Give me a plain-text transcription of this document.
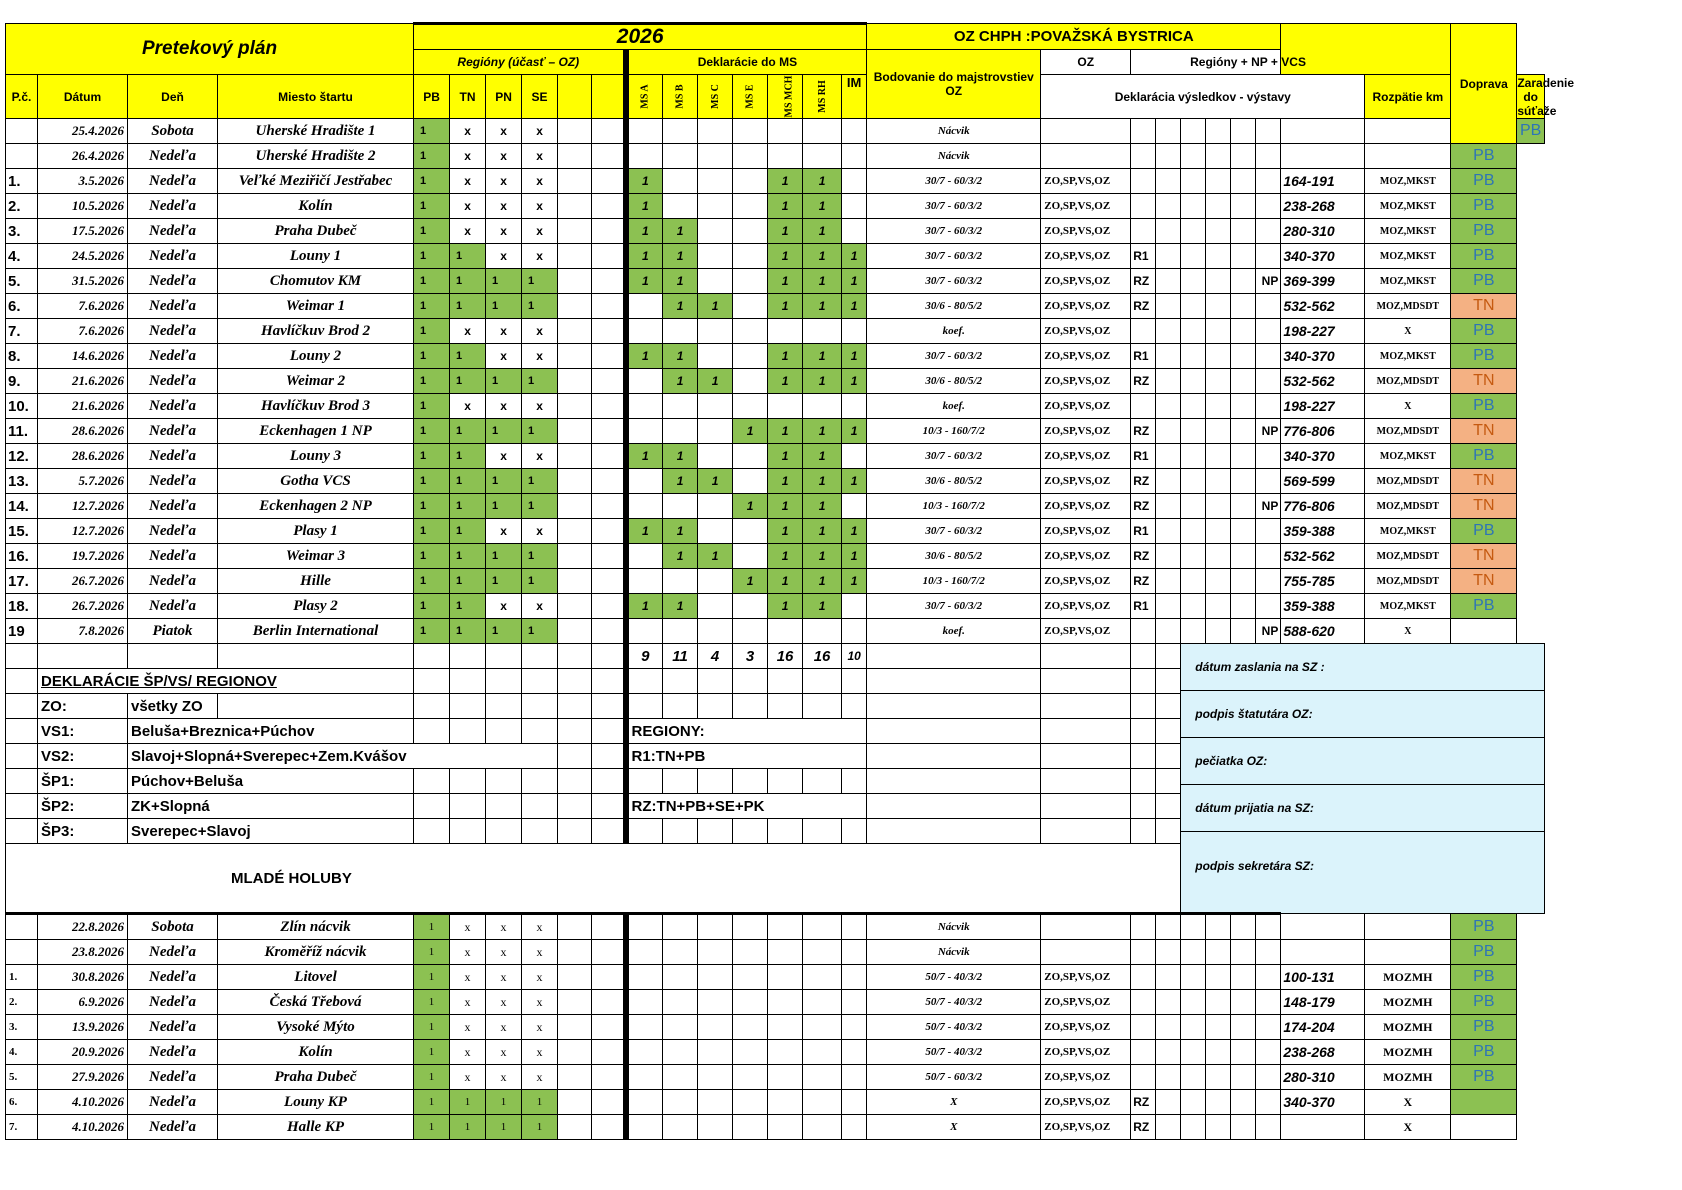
Pretekový plán				2026													OZ CHPH :POVAŽSKÁ BYSTRICA										Doprava	
				Regióny (účasť – OZ)						Deklarácie do MS							Bodovanie do majstrovstiev OZ	OZ	Regióny + NP + VCS									
P.č.	Dátum	Deň	Miesto štartu	PB	TN	PN	SE			MS A	MS B	MS C	MS E	MS MCH	MS RH	IM		Deklarácia výsledkov - výstavy								Rozpätie km		Zaradenie do súťaže
	25.4.2026	Sobota	Uherské Hradište 1	1	x	x	x										Nácvik											PB
	26.4.2026	Nedeľa	Uherské Hradište 2	1	x	x	x										Nácvik										PB	
1.	3.5.2026	Nedeľa	Veľké Meziřičí Jestřabec	1	x	x	x			1				1	1		30/7 - 60/3/2	ZO,SP,VS,OZ							164-191	MOZ,MKST	PB	
2.	10.5.2026	Nedeľa	Kolín	1	x	x	x			1				1	1		30/7 - 60/3/2	ZO,SP,VS,OZ							238-268	MOZ,MKST	PB	
3.	17.5.2026	Nedeľa	Praha Dubeč	1	x	x	x			1	1			1	1		30/7 - 60/3/2	ZO,SP,VS,OZ							280-310	MOZ,MKST	PB	
4.	24.5.2026	Nedeľa	Louny 1	1	1	x	x			1	1			1	1	1	30/7 - 60/3/2	ZO,SP,VS,OZ	R1						340-370	MOZ,MKST	PB	
5.	31.5.2026	Nedeľa	Chomutov KM	1	1	1	1			1	1			1	1	1	30/7 - 60/3/2	ZO,SP,VS,OZ	RZ					NP	369-399	MOZ,MKST	PB	
6.	7.6.2026	Nedeľa	Weimar 1	1	1	1	1				1	1		1	1	1	30/6 - 80/5/2	ZO,SP,VS,OZ	RZ						532-562	MOZ,MDSDT	TN	
7.	7.6.2026	Nedeľa	Havlíčkuv Brod 2	1	x	x	x										koef.	ZO,SP,VS,OZ							198-227	X	PB	
8.	14.6.2026	Nedeľa	Louny 2	1	1	x	x			1	1			1	1	1	30/7 - 60/3/2	ZO,SP,VS,OZ	R1						340-370	MOZ,MKST	PB	
9.	21.6.2026	Nedeľa	Weimar 2	1	1	1	1				1	1		1	1	1	30/6 - 80/5/2	ZO,SP,VS,OZ	RZ						532-562	MOZ,MDSDT	TN	
10.	21.6.2026	Nedeľa	Havlíčkuv Brod 3	1	x	x	x										koef.	ZO,SP,VS,OZ							198-227	X	PB	
11.	28.6.2026	Nedeľa	Eckenhagen 1 NP	1	1	1	1						1	1	1	1	10/3 - 160/7/2	ZO,SP,VS,OZ	RZ					NP	776-806	MOZ,MDSDT	TN	
12.	28.6.2026	Nedeľa	Louny 3	1	1	x	x			1	1			1	1		30/7 - 60/3/2	ZO,SP,VS,OZ	R1						340-370	MOZ,MKST	PB	
13.	5.7.2026	Nedeľa	Gotha VCS	1	1	1	1				1	1		1	1	1	30/6 - 80/5/2	ZO,SP,VS,OZ	RZ						569-599	MOZ,MDSDT	TN	
14.	12.7.2026	Nedeľa	Eckenhagen 2 NP	1	1	1	1						1	1	1		10/3 - 160/7/2	ZO,SP,VS,OZ	RZ					NP	776-806	MOZ,MDSDT	TN	
15.	12.7.2026	Nedeľa	Plasy 1	1	1	x	x			1	1			1	1	1	30/7 - 60/3/2	ZO,SP,VS,OZ	R1						359-388	MOZ,MKST	PB	
16.	19.7.2026	Nedeľa	Weimar 3	1	1	1	1				1	1		1	1	1	30/6 - 80/5/2	ZO,SP,VS,OZ	RZ						532-562	MOZ,MDSDT	TN	
17.	26.7.2026	Nedeľa	Hille	1	1	1	1						1	1	1	1	10/3 - 160/7/2	ZO,SP,VS,OZ	RZ						755-785	MOZ,MDSDT	TN	
18.	26.7.2026	Nedeľa	Plasy 2	1	1	x	x			1	1			1	1		30/7 - 60/3/2	ZO,SP,VS,OZ	R1						359-388	MOZ,MKST	PB	
19	7.8.2026	Piatok	Berlin International	1	1	1	1										koef.	ZO,SP,VS,OZ						NP	588-620	X		
										9	11	4	3	16	16	10					dátum zaslania na SZ :
podpis štatutára OZ:
pečiatka OZ:
dátum prijatia na SZ:
podpis sekretára SZ:							

	DEKLARÁCIE ŠP/VS/ REGIONOV																											
	ZO:	všetky ZO																										
	VS1:	Beluša+Breznica+Púchov								REGIONY:																		
	VS2:	Slavoj+Slopná+Sverepec+Zem.Kvášov								R1:TN+PB																		
	ŠP1:	Púchov+Beluša																										
	ŠP2:	ZK+Slopná								RZ:TN+PB+SE+PK																		
	ŠP3:	Sverepec+Slavoj																										
MLADÉ HOLUBY																												
	22.8.2026	Sobota	Zlín nácvik	1	x	x	x										Nácvik										PB	
	23.8.2026	Nedeľa	Kroměříž nácvik	1	x	x	x										Nácvik										PB	
1.	30.8.2026	Nedeľa	Litovel	1	x	x	x										50/7 - 40/3/2	ZO,SP,VS,OZ							100-131	MOZMH	PB	
2.	6.9.2026	Nedeľa	Česká Třebová	1	x	x	x										50/7 - 40/3/2	ZO,SP,VS,OZ							148-179	MOZMH	PB	
3.	13.9.2026	Nedeľa	Vysoké Mýto	1	x	x	x										50/7 - 40/3/2	ZO,SP,VS,OZ							174-204	MOZMH	PB	
4.	20.9.2026	Nedeľa	Kolín	1	x	x	x										50/7 - 40/3/2	ZO,SP,VS,OZ							238-268	MOZMH	PB	
5.	27.9.2026	Nedeľa	Praha Dubeč	1	x	x	x										50/7 - 60/3/2	ZO,SP,VS,OZ							280-310	MOZMH	PB	
6.	4.10.2026	Nedeľa	Louny KP	1	1	1	1										X	ZO,SP,VS,OZ	RZ						340-370	X		
7.	4.10.2026	Nedeľa	Halle KP	1	1	1	1										X	ZO,SP,VS,OZ	RZ							X		
